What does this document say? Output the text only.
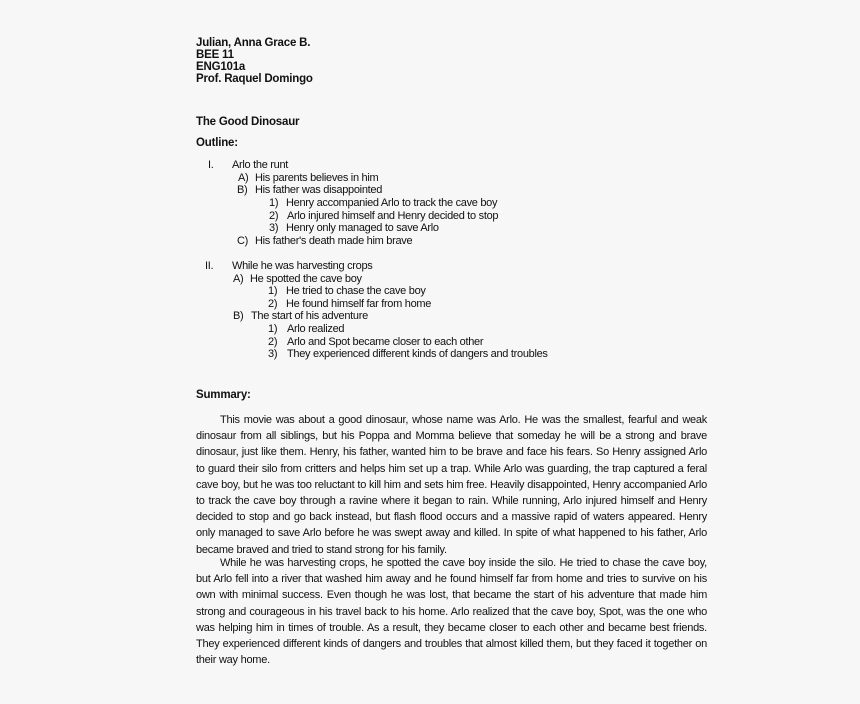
Julian, Anna Grace B.
BEE 11
ENG101a
Prof. Raquel Domingo
The Good Dinosaur
Outline:
I. Arlo the runt
A) His parents believes in him
B) His father was disappointed
1) Henry accompanied Arlo to track the cave boy
2) Arlo injured himself and Henry decided to stop
3) Henry only managed to save Arlo
C) His father's death made him brave
II. While he was harvesting crops
A) He spotted the cave boy
1) He tried to chase the cave boy
2) He found himself far from home
B) The start of his adventure
1) Arlo realized
2) Arlo and Spot became closer to each other
3) They experienced different kinds of dangers and troubles
Summary:
This movie was about a good dinosaur, whose name was Arlo. He was the smallest, fearful and weak dinosaur from all siblings, but his Poppa and Momma believe that someday he will be a strong and brave dinosaur, just like them. Henry, his father, wanted him to be brave and face his fears. So Henry assigned Arlo to guard their silo from critters and helps him set up a trap. While Arlo was guarding, the trap captured a feral cave boy, but he was too reluctant to kill him and sets him free. Heavily disappointed, Henry accompanied Arlo to track the cave boy through a ravine where it began to rain. While running, Arlo injured himself and Henry decided to stop and go back instead, but flash flood occurs and a massive rapid of waters appeared. Henry only managed to save Arlo before he was swept away and killed. In spite of what happened to his father, Arlo became braved and tried to stand strong for his family.
While he was harvesting crops, he spotted the cave boy inside the silo. He tried to chase the cave boy, but Arlo fell into a river that washed him away and he found himself far from home and tries to survive on his own with minimal success. Even though he was lost, that became the start of his adventure that made him strong and courageous in his travel back to his home. Arlo realized that the cave boy, Spot, was the one who was helping him in times of trouble. As a result, they became closer to each other and became best friends. They experienced different kinds of dangers and troubles that almost killed them, but they faced it together on their way home.
